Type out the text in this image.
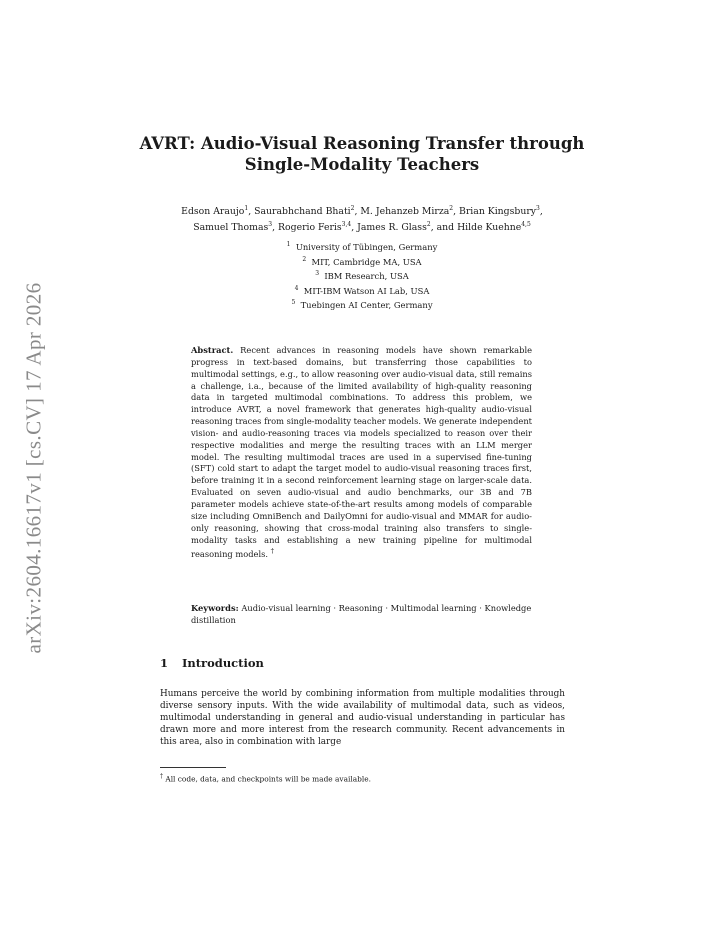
arXiv:2604.16617v1 [cs.CV] 17 Apr 2026
AVRT: Audio-Visual Reasoning Transfer through
Single-Modality Teachers
Edson Araujo$^1$, Saurabhchand Bhati$^2$, M. Jehanzeb Mirza$^2$, Brian Kingsbury$^3$,
Samuel Thomas$^3$, Rogerio Feris$^{3,4}$, James R. Glass$^2$, and Hilde Kuehne$^{4,5}$
$^1$ University of Tübingen, Germany
$^2$ MIT, Cambridge MA, USA
$^3$ IBM Research, USA
$^4$ MIT-IBM Watson AI Lab, USA
$^5$ Tuebingen AI Center, Germany
Abstract. Recent advances in reasoning models have shown remarkable progress in text-based domains, but transferring those capabilities to multimodal settings, e.g., to allow reasoning over audio-visual data, still remains a challenge, i.a., because of the limited availability of high-quality reasoning data in targeted multimodal combinations. To address this problem, we introduce AVRT, a novel framework that generates high-quality audio-visual reasoning traces from single-modality teacher models. We generate independent vision- and audio-reasoning traces via models specialized to reason over their respective modalities and merge the resulting traces with an LLM merger model. The resulting multimodal traces are used in a supervised fine-tuning (SFT) cold start to adapt the target model to audio-visual reasoning traces first, before training it in a second reinforcement learning stage on larger-scale data. Evaluated on seven audio-visual and audio benchmarks, our 3B and 7B parameter models achieve state-of-the-art results among models of comparable size including OmniBench and DailyOmni for audio-visual and MMAR for audio-only reasoning, showing that cross-modal training also transfers to single-modality tasks and establishing a new training pipeline for multimodal reasoning models. †
Keywords: Audio-visual learning · Reasoning · Multimodal learning · Knowledge distillation
1 Introduction
Humans perceive the world by combining information from multiple modalities through diverse sensory inputs. With the wide availability of multimodal data, such as videos, multimodal understanding in general and audio-visual understanding in particular has drawn more and more interest from the research community. Recent advancements in this area, also in combination with large
† All code, data, and checkpoints will be made available.
